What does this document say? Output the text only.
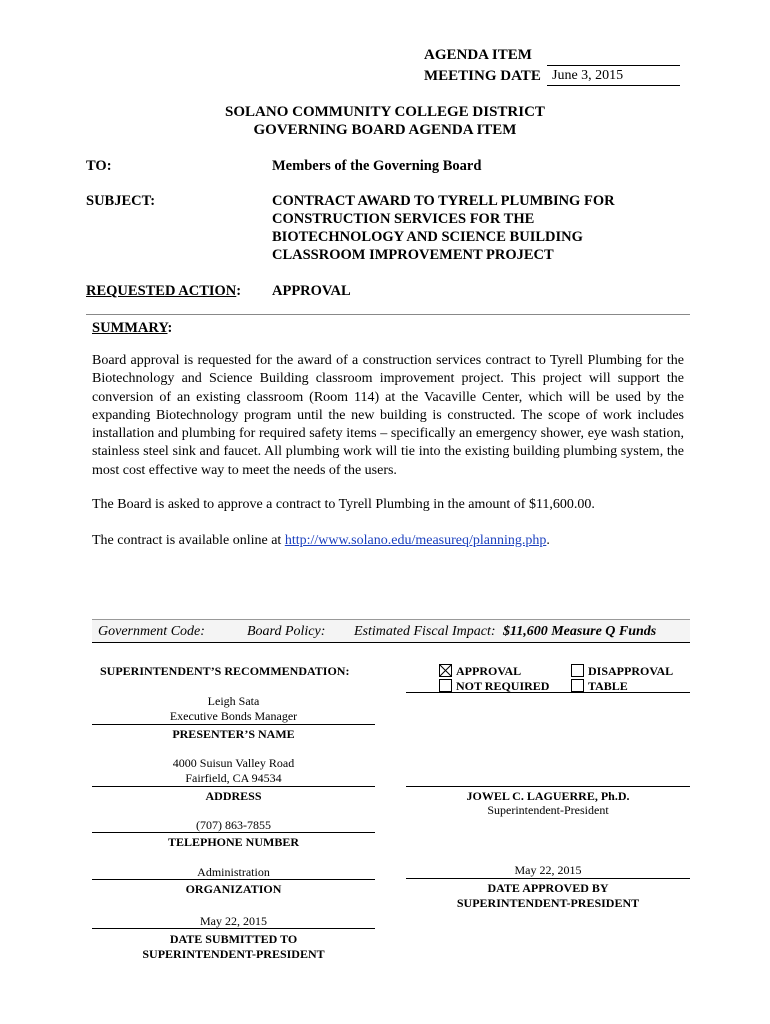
AGENDA ITEM
MEETING DATE June 3, 2015
SOLANO COMMUNITY COLLEGE DISTRICT
GOVERNING BOARD AGENDA ITEM
TO:	Members of the Governing Board
SUBJECT:	CONTRACT AWARD TO TYRELL PLUMBING FOR
CONSTRUCTION SERVICES FOR THE
BIOTECHNOLOGY AND SCIENCE BUILDING
CLASSROOM IMPROVEMENT PROJECT
REQUESTED ACTION: APPROVAL
SUMMARY:
Board approval is requested for the award of a construction services contract to Tyrell Plumbing for the Biotechnology and Science Building classroom improvement project. This project will support the conversion of an existing classroom (Room 114) at the Vacaville Center, which will be used by the expanding Biotechnology program until the new building is constructed. The scope of work includes installation and plumbing for required safety items – specifically an emergency shower, eye wash station, stainless steel sink and faucet. All plumbing work will tie into the existing building plumbing system, the most cost effective way to meet the needs of the users.
The Board is asked to approve a contract to Tyrell Plumbing in the amount of $11,600.00.
The contract is available online at http://www.solano.edu/measureq/planning.php.
Government Code:	Board Policy: Estimated Fiscal Impact: $11,600 Measure Q Funds
SUPERINTENDENT’S RECOMMENDATION:	APPROVAL	DISAPPROVAL
NOT REQUIRED	TABLE
Leigh Sata
Executive Bonds Manager
PRESENTER’S NAME
4000 Suisun Valley Road
Fairfield, CA 94534
ADDRESS
(707) 863-7855
TELEPHONE NUMBER
Administration
ORGANIZATION
May 22, 2015
DATE SUBMITTED TO
SUPERINTENDENT-PRESIDENT
JOWEL C. LAGUERRE, Ph.D.
Superintendent-President
May 22, 2015
DATE APPROVED BY
SUPERINTENDENT-PRESIDENT
